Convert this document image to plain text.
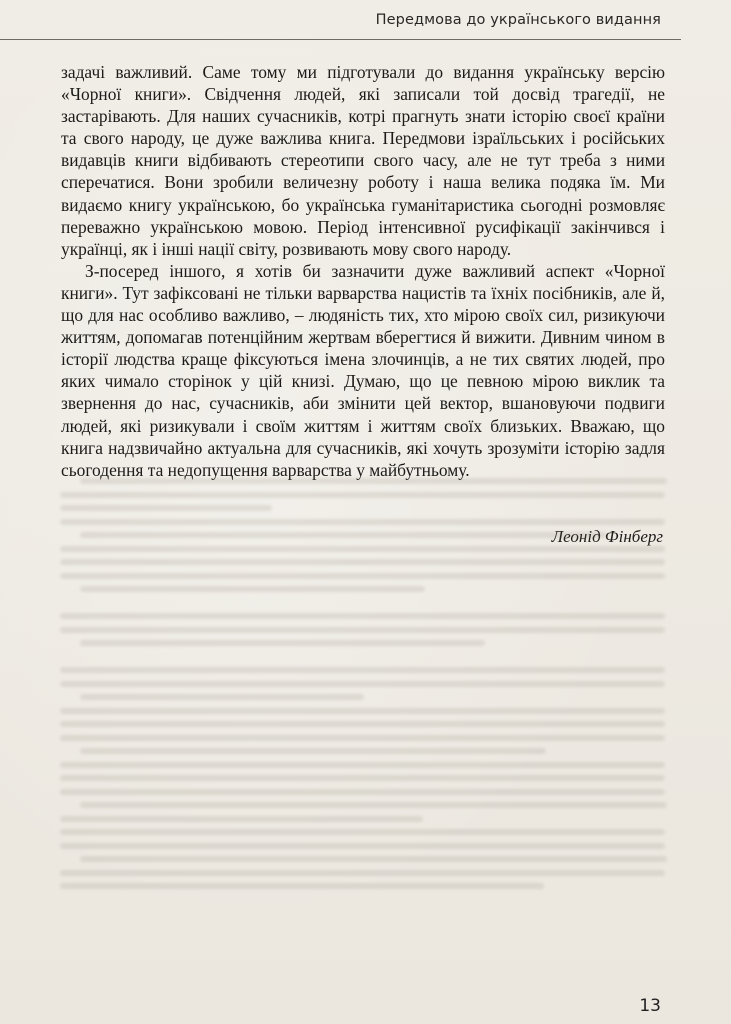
Передмова до українського видання

задачі важливий. Саме тому ми підготували до видання українську версію «Чорної книги». Свідчення людей, які записали той досвід трагедії, не застарівають. Для наших сучасників, котрі прагнуть знати історію своєї країни та свого народу, це дуже важлива книга. Передмови ізраїльських і російських видавців книги відбивають стереотипи свого часу, але не тут треба з ними сперечатися. Вони зробили величезну роботу і наша велика подяка їм. Ми видаємо книгу українською, бо українська гуманітаристика сьогодні розмовляє переважно українською мовою. Період інтенсивної русифікації закінчився і українці, як і інші нації світу, розвивають мову свого народу.

З-посеред іншого, я хотів би зазначити дуже важливий аспект «Чорної книги». Тут зафіксовані не тільки варварства нацистів та їхніх посібників, але й, що для нас особливо важливо, – людяність тих, хто мірою своїх сил, ризикуючи життям, допомагав потенційним жертвам вберегтися й вижити. Дивним чином в історії людства краще фіксуються імена злочинців, а не тих святих людей, про яких чимало сторінок у цій книзі. Думаю, що це певною мірою виклик та звернення до нас, сучасників, аби змінити цей вектор, вшановуючи подвиги людей, які ризикували і своїм життям і життям своїх близьких. Вважаю, що книга надзвичайно актуальна для сучасників, які хочуть зрозуміти історію задля сьогодення та недопущення варварства у майбутньому.

Леонід Фінберг
13
